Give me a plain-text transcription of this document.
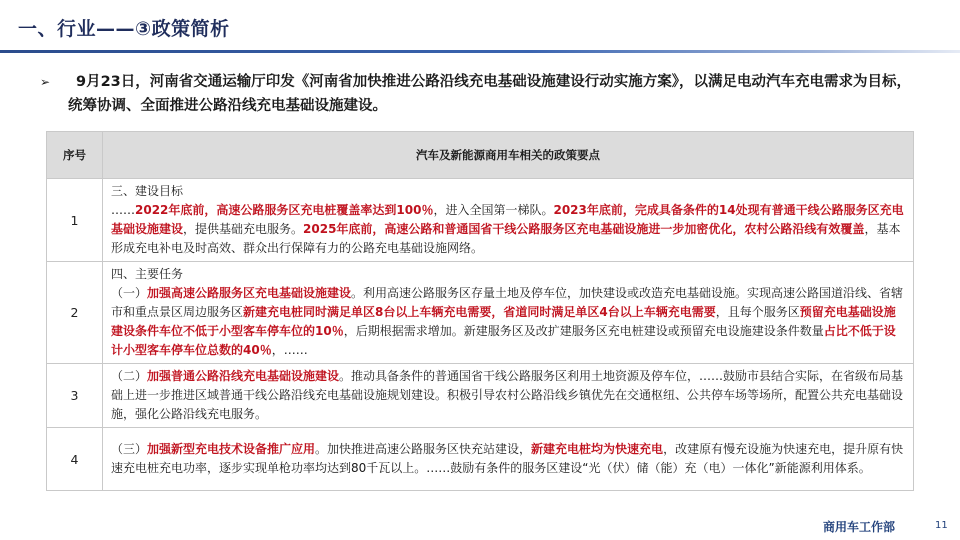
一、行业——③政策简析
➢	9月23日，河南省交通运输厅印发《河南省加快推进公路沿线充电基础设施建设行动实施方案》，以满足电动汽车充电需求为目标，统筹协调、全面推进公路沿线充电基础设施建设。
序号	汽车及新能源商用车相关的政策要点
1	三、建设目标
……2022年底前，高速公路服务区充电桩覆盖率达到100％，进入全国第一梯队。2023年底前，完成具备条件的14处现有普通干线公路服务区充电基础设施建设，提供基础充电服务。2025年底前，高速公路和普通国省干线公路服务区充电基础设施进一步加密优化，农村公路沿线有效覆盖，基本形成充电补电及时高效、群众出行保障有力的公路充电基础设施网络。
2	四、主要任务
（一）加强高速公路服务区充电基础设施建设。利用高速公路服务区存量土地及停车位，加快建设或改造充电基础设施。实现高速公路国道沿线、省辖市和重点景区周边服务区新建充电桩同时满足单区8台以上车辆充电需要，省道同时满足单区4台以上车辆充电需要，且每个服务区预留充电基础设施建设条件车位不低于小型客车停车位的10％，后期根据需求增加。新建服务区及改扩建服务区充电桩建设或预留充电设施建设条件数量占比不低于设计小型客车停车位总数的40％，……
3	（二）加强普通公路沿线充电基础设施建设。推动具备条件的普通国省干线公路服务区利用土地资源及停车位，……鼓励市县结合实际，在省级布局基础上进一步推进区域普通干线公路沿线充电基础设施规划建设。积极引导农村公路沿线乡镇优先在交通枢纽、公共停车场等场所，配置公共充电基础设施，强化公路沿线充电服务。
4	（三）加强新型充电技术设备推广应用。加快推进高速公路服务区快充站建设，新建充电桩均为快速充电，改建原有慢充设施为快速充电，提升原有快速充电桩充电功率，逐步实现单枪功率均达到80千瓦以上。……鼓励有条件的服务区建设“光（伏）储（能）充（电）一体化”新能源利用体系。
商用车工作部	11
